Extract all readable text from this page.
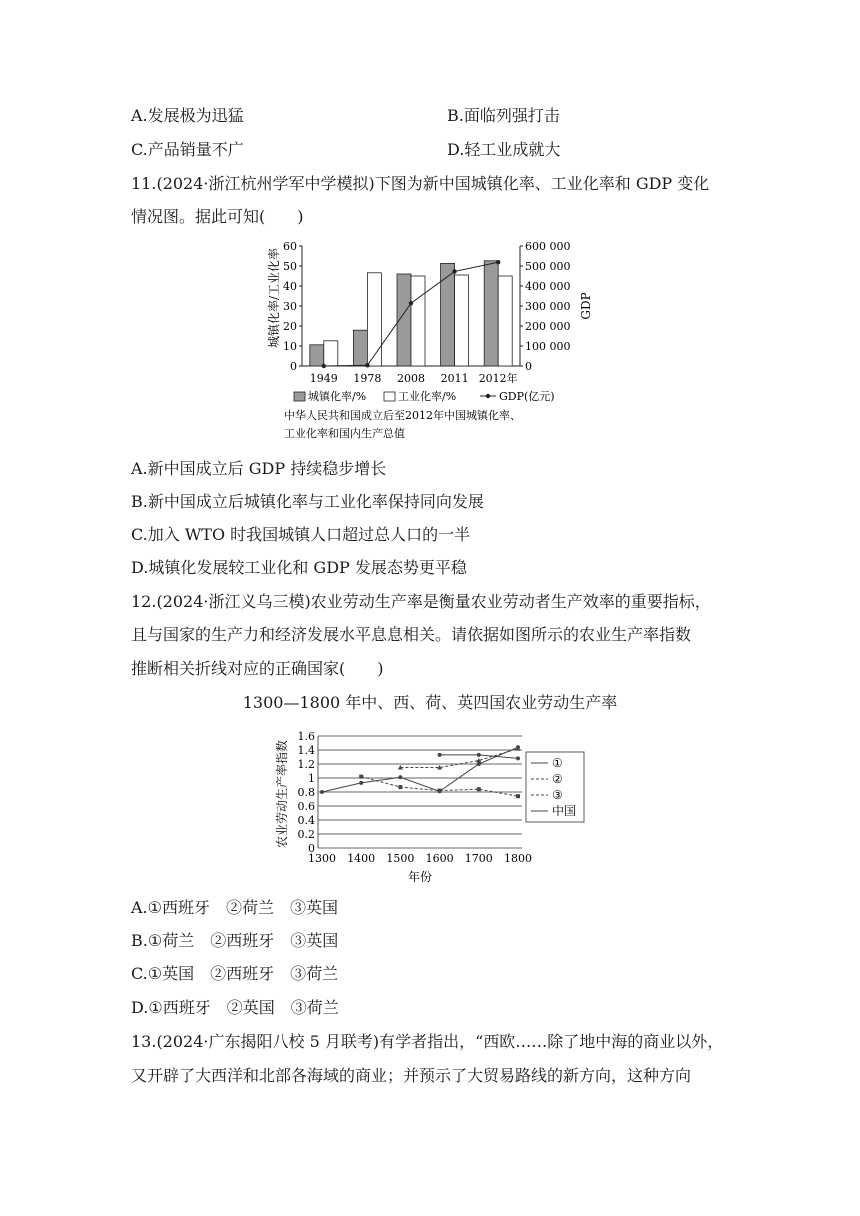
A.发展极为迅猛	B.面临列强打击
C.产品销量不广	D.轻工业成就大
11.(2024·浙江杭州学军中学模拟)下图为新中国城镇化率、工业化率和 GDP 变化
情况图。据此可知(　　)
0
10
20
30
40
50
60
0
100 000
200 000
300 000
400 000
500 000
600 000
1949 1978 2008 2011 2012年
城镇化率/工业化率	GDP
城镇化率/%	工业化率/%	GDP(亿元)
中华人民共和国成立后至2012年中国城镇化率、
工业化率和国内生产总值
A.新中国成立后 GDP 持续稳步增长
B.新中国成立后城镇化率与工业化率保持同向发展
C.加入 WTO 时我国城镇人口超过总人口的一半
D.城镇化发展较工业化和 GDP 发展态势更平稳
12.(2024·浙江义乌三模)农业劳动生产率是衡量农业劳动者生产效率的重要指标，
且与国家的生产力和经济发展水平息息相关。请依据如图所示的农业生产率指数
推断相关折线对应的正确国家(　　)
1300—1800 年中、西、荷、英四国农业劳动生产率
0
0.2
0.4
0.6
0.8
1
1.2
1.4
1.6
1300 1400 1500 1600 1700 1800
①
②
③
中国
农业劳动生产率指数
年份
A.①西班牙　②荷兰　③英国
B.①荷兰　②西班牙　③英国
C.①英国　②西班牙　③荷兰
D.①西班牙　②英国　③荷兰
13.(2024·广东揭阳八校 5 月联考)有学者指出，“西欧……除了地中海的商业以外，
又开辟了大西洋和北部各海域的商业；并预示了大贸易路线的新方向，这种方向
